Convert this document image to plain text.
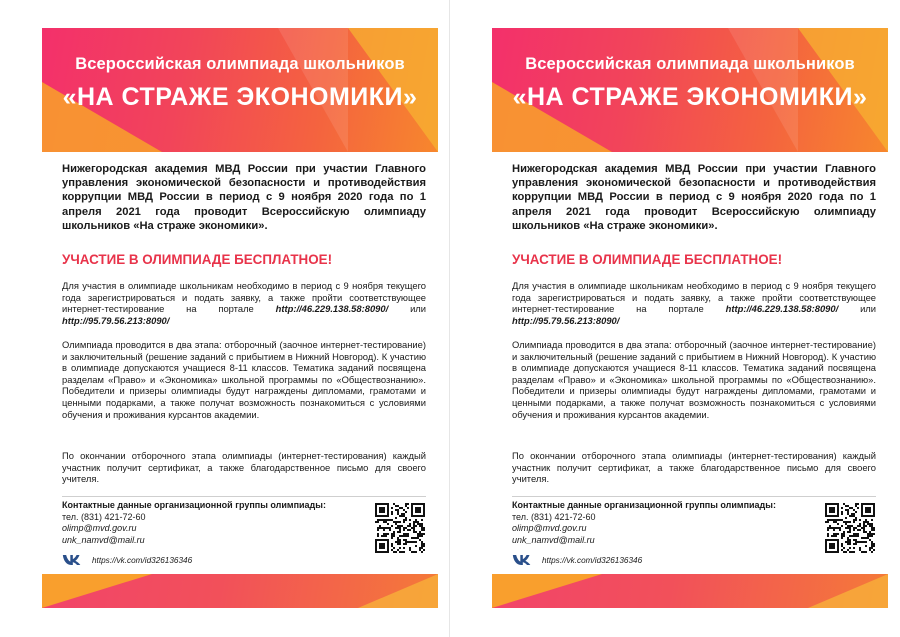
Всероссийская олимпиада школьников
«НА СТРАЖЕ ЭКОНОМИКИ»
Нижегородская академия МВД России при участии Главного управления экономической безопасности и противодействия коррупции МВД России в период с 9 ноября 2020 года по 1 апреля 2021 года проводит Всероссийскую олимпиаду школьников «На страже экономики».
УЧАСТИЕ В ОЛИМПИАДЕ БЕСПЛАТНОЕ!
Для участия в олимпиаде школьникам необходимо в период с 9 ноября текущего года зарегистрироваться и подать заявку, а также пройти соответствующее интернет-тестирование на портале http://46.229.138.58:8090/ или http://95.79.56.213:8090/
Олимпиада проводится в два этапа: отборочный (заочное интернет-тестирование) и заключительный (решение заданий с прибытием в Нижний Новгород). К участию в олимпиаде допускаются учащиеся 8-11 классов. Тематика заданий посвящена разделам «Право» и «Экономика» школьной программы по «Обществознанию». Победители и призеры олимпиады будут награждены дипломами, грамотами и ценными подарками, а также получат возможность познакомиться с условиями обучения и проживания курсантов академии.
По окончании отборочного этапа олимпиады (интернет-тестирования) каждый участник получит сертификат, а также благодарственное письмо для своего учителя.
Контактные данные организационной группы олимпиады:
тел. (831) 421-72-60
olimp@mvd.gov.ru
unk_namvd@mail.ru
https://vk.com/id326136346
Всероссийская олимпиада школьников
«НА СТРАЖЕ ЭКОНОМИКИ»
Нижегородская академия МВД России при участии Главного управления экономической безопасности и противодействия коррупции МВД России в период с 9 ноября 2020 года по 1 апреля 2021 года проводит Всероссийскую олимпиаду школьников «На страже экономики».
УЧАСТИЕ В ОЛИМПИАДЕ БЕСПЛАТНОЕ!
Для участия в олимпиаде школьникам необходимо в период с 9 ноября текущего года зарегистрироваться и подать заявку, а также пройти соответствующее интернет-тестирование на портале http://46.229.138.58:8090/ или http://95.79.56.213:8090/
Олимпиада проводится в два этапа: отборочный (заочное интернет-тестирование) и заключительный (решение заданий с прибытием в Нижний Новгород). К участию в олимпиаде допускаются учащиеся 8-11 классов. Тематика заданий посвящена разделам «Право» и «Экономика» школьной программы по «Обществознанию». Победители и призеры олимпиады будут награждены дипломами, грамотами и ценными подарками, а также получат возможность познакомиться с условиями обучения и проживания курсантов академии.
По окончании отборочного этапа олимпиады (интернет-тестирования) каждый участник получит сертификат, а также благодарственное письмо для своего учителя.
Контактные данные организационной группы олимпиады:
тел. (831) 421-72-60
olimp@mvd.gov.ru
unk_namvd@mail.ru
https://vk.com/id326136346
